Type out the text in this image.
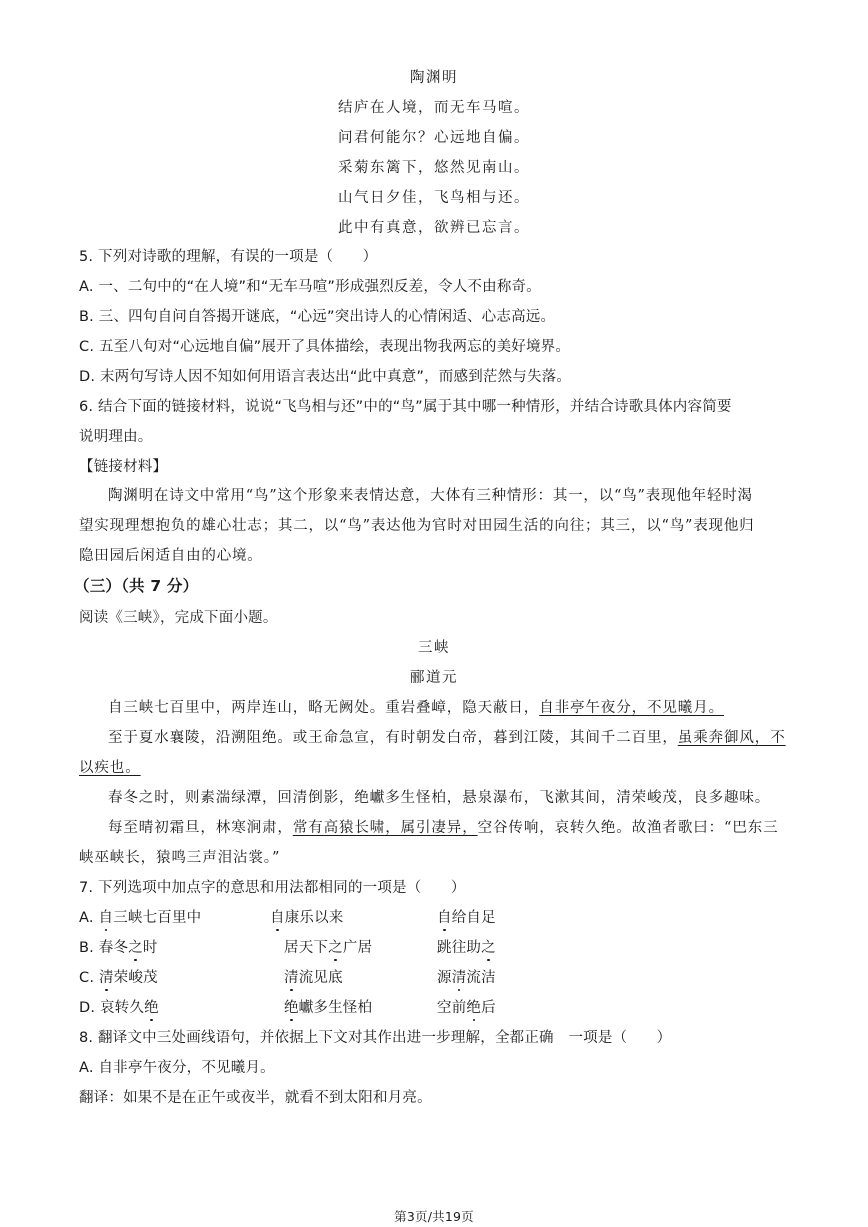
陶渊明
结庐在人境，而无车马喧。
问君何能尔？心远地自偏。
采菊东篱下，悠然见南山。
山气日夕佳，飞鸟相与还。
此中有真意，欲辨已忘言。
5. 下列对诗歌的理解，有误的一项是（　　）
A. 一、二句中的“在人境”和“无车马喧”形成强烈反差，令人不由称奇。
B. 三、四句自问自答揭开谜底，“心远”突出诗人的心情闲适、心志高远。
C. 五至八句对“心远地自偏”展开了具体描绘，表现出物我两忘的美好境界。
D. 末两句写诗人因不知如何用语言表达出“此中真意”，而感到茫然与失落。
6. 结合下面的链接材料，说说“飞鸟相与还”中的“鸟”属于其中哪一种情形，并结合诗歌具体内容简要
说明理由。
【链接材料】
陶渊明在诗文中常用“鸟”这个形象来表情达意，大体有三种情形：其一，以“鸟”表现他年轻时渴
望实现理想抱负的雄心壮志；其二，以“鸟”表达他为官时对田园生活的向往；其三，以“鸟”表现他归
隐田园后闲适自由的心境。
（三）（共 7 分）
阅读《三峡》，完成下面小题。
三峡
郦道元
自三峡七百里中，两岸连山，略无阙处。重岩叠嶂，隐天蔽日，自非亭午夜分，不见曦月。
至于夏水襄陵，沿溯阻绝。或王命急宣，有时朝发白帝，暮到江陵，其间千二百里，虽乘奔御风，不
以疾也。
春冬之时，则素湍绿潭，回清倒影，绝巘多生怪柏，悬泉瀑布，飞漱其间，清荣峻茂，良多趣味。
每至晴初霜旦，林寒涧肃，常有高猿长啸，属引凄异，空谷传响，哀转久绝。故渔者歌曰：“巴东三
峡巫峡长，猿鸣三声泪沾裳。”
7. 下列选项中加点字的意思和用法都相同的一项是（　　）
A. 自三峡七百里中	自康乐以来	自给自足
B. 春冬之时	居天下之广居	跳往助之
C. 清荣峻茂	清流见底	源清流洁
D. 哀转久绝	绝巘多生怪柏	空前绝后
8. 翻译文中三处画线语句，并依据上下文对其作出进一步理解，全都正确　一项是（　　）
A. 自非亭午夜分，不见曦月。
翻译：如果不是在正午或夜半，就看不到太阳和月亮。
第3页/共19页
